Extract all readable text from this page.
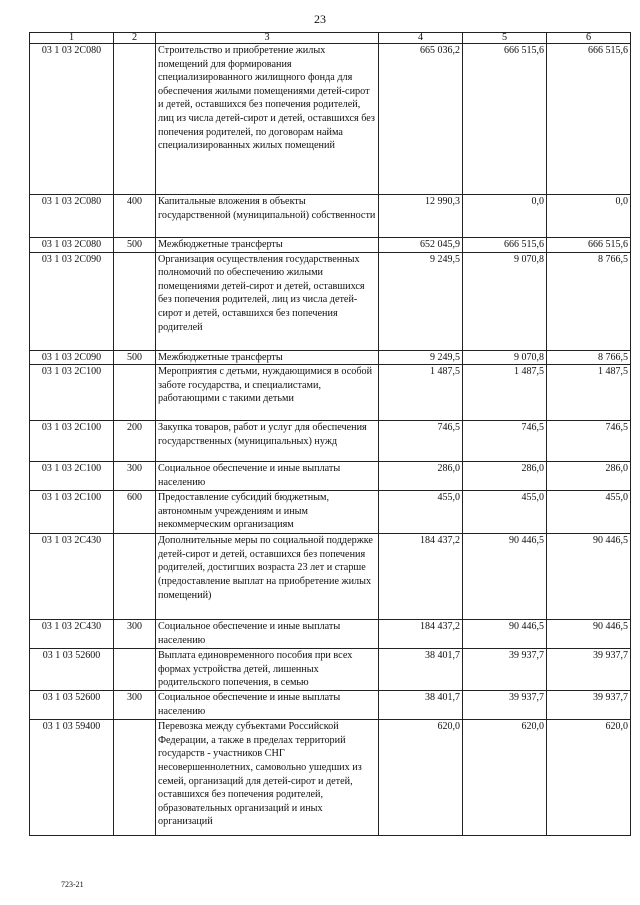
23
1	2	3	4	5	6
03 1 03 2С080		Строительство и приобретение жилых помещений для формирования специализированного жилищного фонда для обеспечения жилыми помещениями детей-сирот и детей, оставшихся без попечения родителей, лиц из числа детей-сирот и детей, оставшихся без попечения родителей, по договорам найма специализированных жилых помещений	665 036,2	666 515,6	666 515,6
03 1 03 2С080	400	Капитальные вложения в объекты государственной (муниципальной) собственности	12 990,3	0,0	0,0
03 1 03 2С080	500	Межбюджетные трансферты	652 045,9	666 515,6	666 515,6
03 1 03 2С090		Организация осуществления государственных полномочий по обеспечению жилыми помещениями детей-сирот и детей, оставшихся без попечения родителей, лиц из числа детей-сирот и детей, оставшихся без попечения родителей	9 249,5	9 070,8	8 766,5
03 1 03 2С090	500	Межбюджетные трансферты	9 249,5	9 070,8	8 766,5
03 1 03 2С100		Мероприятия с детьми, нуждающимися в особой заботе государства, и специалистами, работающими с такими детьми	1 487,5	1 487,5	1 487,5
03 1 03 2С100	200	Закупка товаров, работ и услуг для обеспечения государственных (муниципальных) нужд	746,5	746,5	746,5
03 1 03 2С100	300	Социальное обеспечение и иные выплаты населению	286,0	286,0	286,0
03 1 03 2С100	600	Предоставление субсидий бюджетным, автономным учреждениям и иным некоммерческим организациям	455,0	455,0	455,0
03 1 03 2С430		Дополнительные меры по социальной поддержке детей-сирот и детей, оставшихся без попечения родителей, достигших возраста 23 лет и старше (предоставление выплат на приобретение жилых помещений)	184 437,2	90 446,5	90 446,5
03 1 03 2С430	300	Социальное обеспечение и иные выплаты населению	184 437,2	90 446,5	90 446,5
03 1 03 52600		Выплата единовременного пособия при всех формах устройства детей, лишенных родительского попечения, в семью	38 401,7	39 937,7	39 937,7
03 1 03 52600	300	Социальное обеспечение и иные выплаты населению	38 401,7	39 937,7	39 937,7
03 1 03 59400		Перевозка между субъектами Российской Федерации, а также в пределах территорий государств - участников СНГ несовершеннолетних, самовольно ушедших из семей, организаций для детей-сирот и детей, оставшихся без попечения родителей, образовательных организаций и иных организаций	620,0	620,0	620,0
723-21
